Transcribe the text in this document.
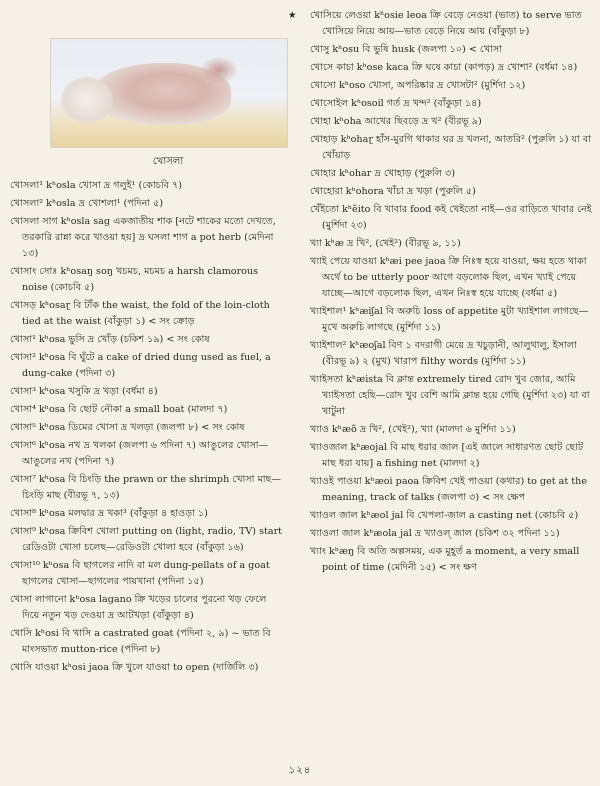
খোসলা
খোসলা¹ kʰosla খোসা দ্র গলুই¹ (কোচবি ৭)
খোসলা² kʰosla দ্র খোশলা¹ (পদিনা ৫)
খোসলা সাগ kʰosla sag একজাতীয় শাক [নটে শাকের মতো দেখতে, তরকারি রান্না করে খাওয়া হয়] দ্র ঘসলা শাগ a pot herb (মেদিনা ১৩)
খোসাং সোঃ kʰosaŋ soŋ খচমচ, মচমচ a harsh clamorous noise (কোচবি ৫)
খোসড় kʰosaɽ বি টাঁক the waist, the fold of the loin-cloth tied at the waist (বাঁকুড়া ১) < সং ক্রোড়
খোসা¹ kʰosa ভুসি দ্র খোঁড় (চকিশ ১৯) < সং কোষ
খোসা² kʰosa বি ঘুঁটে a cake of dried dung used as fuel, a dung-cake (পদিনা ৩)
খোসা³ kʰosa খসুকি দ্র খড়া (বর্ধমা ৪)
খোসা⁴ kʰosa বি ছোট নৌকা a small boat (মালদা ৭)
খোসা⁵ kʰosa ডিমের খোসা দ্র খলড়া (জলপা ৮) < সং কোষ
খোসা⁶ kʰosa নখ দ্র খলকা (জলপা ৬ পদিনা ৭) আঙুলের খোসা—আঙুলের নখ (পদিনা ৭)
খোসা⁷ kʰosa বি চিংড়ি the prawn or the shrimph খোসা মাছ—চিংড়ি মাছ (বীরভূ ৭, ১৩)
খোসা⁸ kʰosa মলদ্বার দ্র খকা³ (বাঁকুড়া ৪ হাওড়া ১)
খোসা⁹ kʰosa ক্রিবিশ খোলা putting on (light, radio, TV) start রেডিওটা খোসা চলেছ—রেডিওটা খোলা হবে (বাঁকুড়া ১৬)
খোসা¹⁰ kʰosa বি ছাগলের নাদি বা মল dung-pellats of a goat ছাগলের খোসা—ছাগলের পায়খানা (পদিনা ১৫)
খোসা লাগানো kʰosa lagano ক্রি খড়ের চালের পুরনো খড় ফেলে দিয়ে নতুন খড় দেওয়া দ্র আটখড়া (বাঁকুড়া ৪)
খোসি kʰosi বি খাসি a castrated goat (পদিনা ২, ৯) ~ ভাত বি মাংসভাত mutton-rice (পদিনা ৮)
খোসি যাওয়া kʰosi jaoa ক্রি খুলে যাওয়া to open (দার্জিলি ৩)
★	খোসিয়ে লেওয়া kʰosie leoa ক্রি বেড়ে নেওয়া (ভাত) to serve ভাত খোসিয়ে নিয়ে আয়—ভাত বেড়ে নিয়ে আয় (বাঁকুড়া ৮)
খোসু kʰosu বি ভুষি husk (জলপা ১০) < খোসা
খোসে কাচা kʰose kaca ক্রি ঘষে কাচা (কাপড়) দ্র খোশা² (বর্ধমা ১৪)
খোসো kʰoso খোসা, অপরিষ্কার দ্র খোসটা² (মুর্শিদা ১২)
খোসোইল kʰosoil গর্ত দ্র খন্দ² (বাঁকুড়া ১৪)
খোহা kʰoha আখের ছিবড়ে দ্র খ² (বীরভূ ৯)
খোহাড় kʰohaɽ হাঁস-মুরগি থাকার ঘর দ্র খলনা, আতরি² (পুরুলি ১) যা বা খোঁয়াড়
খোহার kʰohar দ্র খোহাড় (পুরুলি ৩)
খোহোরা kʰohora খাঁচা দ্র খড়া (পুরুলি ৫)
খেঁইতো kʰẽito বি খাবার food কই খেইতো নাই—ওর বাড়িতে খাবার নেই (মুর্শিদা ২৩)
খ্যা kʰæ দ্র খি², (খেই²) (বীরভূ ৯, ১১)
খ্যাই পেয়ে যাওয়া kʰæi pee jaoa ক্রি নিঃস্ব হয়ে যাওয়া, ক্ষয় হতে থাকা অর্থে to be utterly poor আগে বড়লোক ছিল, এখন খ্যাই পেয়ে যাচ্ছে—আগে বড়লোক ছিল, এখন নিঃস্ব হয়ে যাচ্ছে (বর্ধমা ৫)
খ্যাইশাল¹ kʰæiʃal বি অরুচি loss of appetite মুটা খ্যাইশাল লাগছে—মুখে অরুচি লাগছে (মুর্শিদা ১১)
খ্যাইশাল² kʰæoʃal বিণ ১ বদরাগী মেয়ে দ্র খচুড়ানী, আলুথালু, ইসালা (বীরভূ ৯) ২ (মুখ) খারাপ filthy words (মুর্শিদা ১১)
খ্যাইসতা kʰæista বি ক্লান্ত extremely tired রোদ খুব জোর, আমি খ্যাইসতা হেছি—রোদ খুব বেশি আমি ক্লান্ত হয়ে গেছি (মুর্শিদা ২৩) যা বা খাটুনা
খ্যাও kʰæõ দ্র খি², (খেই²), খ্যা (মালদা ৬ মুর্শিদা ১১)
খ্যাওজাল kʰæojal বি মাছ ধরার জাল [এই জালে সাধারণত ছোট ছোট মাছ ধরা যায়] a fishing net (মালদা ২)
খ্যাওই পাওয়া kʰæoi paoa ক্রিবিশ খেই পাওয়া (কথার) to get at the meaning, track of talks (জলপা ৩) < সং ক্ষেপ
খ্যাওল জাল kʰæol jal বি খেপলা-জাল a casting net (কোচবি ৫)
খ্যাওলা জাল kʰæola jal দ্র খ্যাওল্ জাল (চকিশ ৩২ পদিনা ১১)
খ্যাং kʰæŋ বি অতি অল্পসময়, এক মুহূর্ত a moment, a very small point of time (মেদিনী ১৫) < সং ক্ষণ
১২৪
